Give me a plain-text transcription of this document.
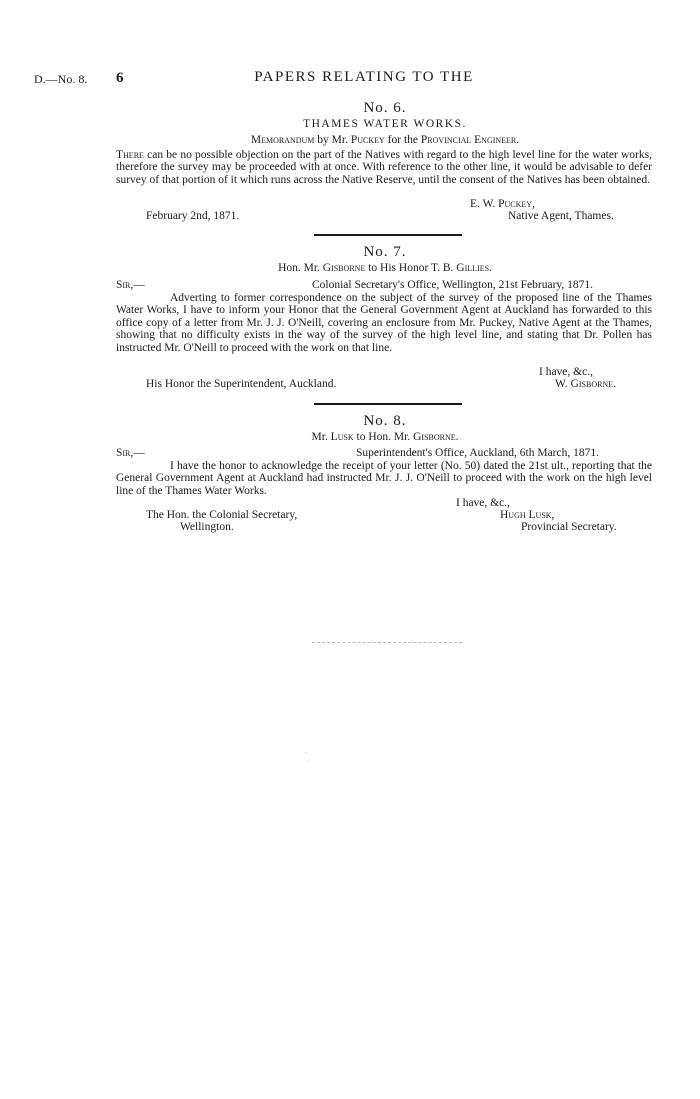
D.—No. 8. 6	PAPERS RELATING TO THE
No. 6.
THAMES WATER WORKS.
Memorandum by Mr. Puckey for the Provincial Engineer.
There can be no possible objection on the part of the Natives with regard to the high level line for the water works, therefore the survey may be proceeded with at once. With reference to the other line, it would be advisable to defer survey of that portion of it which runs across the Native Reserve, until the consent of the Natives has been obtained.
E. W. Puckey,
February 2nd, 1871.	Native Agent, Thames.
No. 7.
Hon. Mr. Gisborne to His Honor T. B. Gillies.
Sir,—	Colonial Secretary's Office, Wellington, 21st February, 1871.
Adverting to former correspondence on the subject of the survey of the proposed line of the Thames Water Works, I have to inform your Honor that the General Government Agent at Auckland has forwarded to this office copy of a letter from Mr. J. J. O'Neill, covering an enclosure from Mr. Puckey, Native Agent at the Thames, showing that no difficulty exists in the way of the survey of the high level line, and stating that Dr. Pollen has instructed Mr. O'Neill to proceed with the work on that line.
I have, &c.,
His Honor the Superintendent, Auckland.	W. Gisborne.
No. 8.
Mr. Lusk to Hon. Mr. Gisborne.
Sir,—	Superintendent's Office, Auckland, 6th March, 1871.
I have the honor to acknowledge the receipt of your letter (No. 50) dated the 21st ult., reporting that the General Government Agent at Auckland had instructed Mr. J. J. O'Neill to proceed with the work on the high level line of the Thames Water Works.
I have, &c.,
The Hon. the Colonial Secretary,	Hugh Lusk,
Wellington.	Provincial Secretary.
